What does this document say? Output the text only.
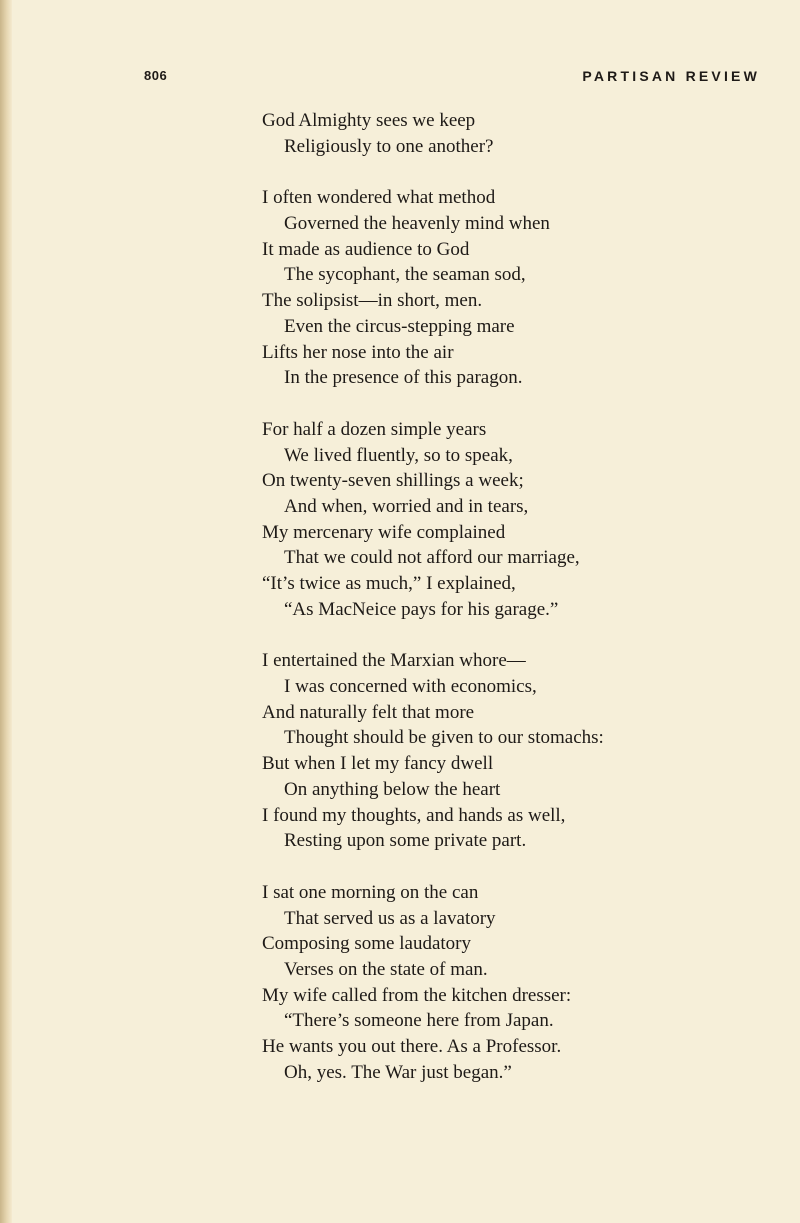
806	PARTISAN REVIEW
God Almighty sees we keep
Religiously to one another?
I often wondered what method
Governed the heavenly mind when
It made as audience to God
The sycophant, the seaman sod,
The solipsist—in short, men.
Even the circus-stepping mare
Lifts her nose into the air
In the presence of this paragon.
For half a dozen simple years
We lived fluently, so to speak,
On twenty-seven shillings a week;
And when, worried and in tears,
My mercenary wife complained
That we could not afford our marriage,
“It’s twice as much,” I explained,
“As MacNeice pays for his garage.”
I entertained the Marxian whore—
I was concerned with economics,
And naturally felt that more
Thought should be given to our stomachs:
But when I let my fancy dwell
On anything below the heart
I found my thoughts, and hands as well,
Resting upon some private part.
I sat one morning on the can
That served us as a lavatory
Composing some laudatory
Verses on the state of man.
My wife called from the kitchen dresser:
“There’s someone here from Japan.
He wants you out there. As a Professor.
Oh, yes. The War just began.”
